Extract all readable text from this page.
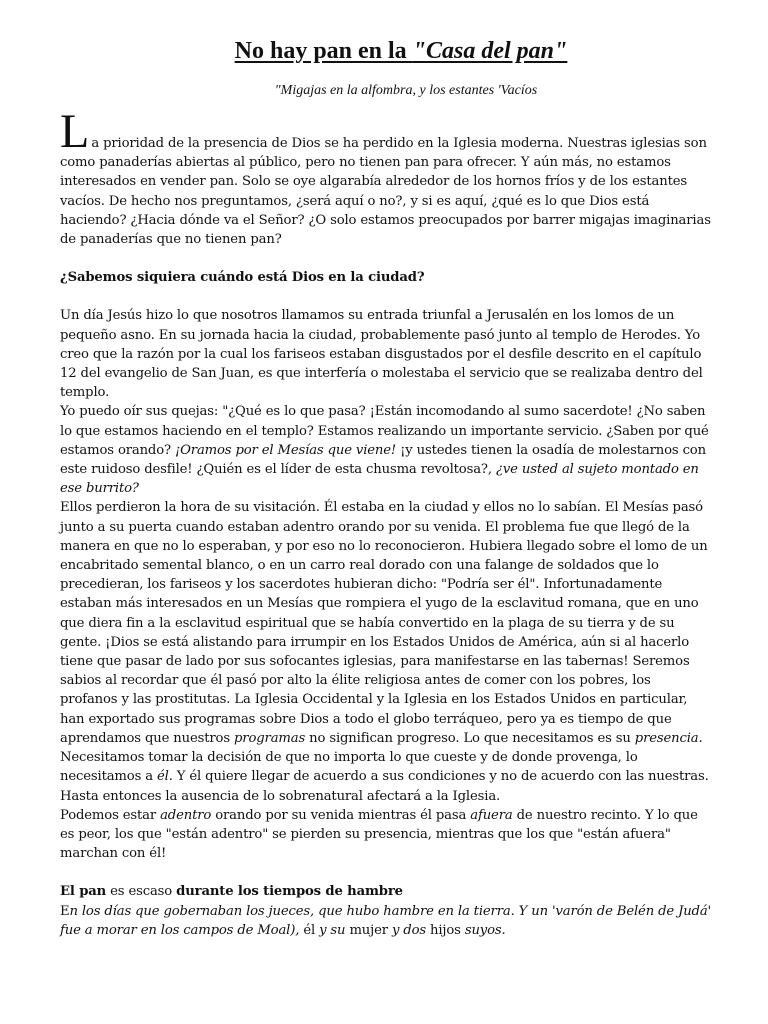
No hay pan en la "Casa del pan"

"Migajas en la alfombra, y los estantes 'Vacíos

L a prioridad de la presencia de Dios se ha perdido en la Iglesia moderna. Nuestras iglesias son como panaderías abiertas al público, pero no tienen pan para ofrecer. Y aún más, no estamos interesados en vender pan. Solo se oye algarabía alrededor de los hornos fríos y de los estantes vacíos. De hecho nos preguntamos, ¿será aquí o no?, y si es aquí, ¿qué es lo que Dios está haciendo? ¿Hacia dónde va el Señor? ¿O solo estamos preocupados por barrer migajas imaginarias de panaderías que no tienen pan?

¿Sabemos siquiera cuándo está Dios en la ciudad?

Un día Jesús hizo lo que nosotros llamamos su entrada triunfal a Jerusalén en los lomos de un pequeño asno. En su jornada hacia la ciudad, probablemente pasó junto al templo de Herodes. Yo creo que la razón por la cual los fariseos estaban disgustados por el desfile descrito en el capítulo 12 del evangelio de San Juan, es que interfería o molestaba el servicio que se realizaba dentro del templo.

Yo puedo oír sus quejas: "¿Qué es lo que pasa? ¡Están incomodando al sumo sacerdote! ¿No saben lo que estamos haciendo en el templo? Estamos realizando un importante servicio. ¿Saben por qué estamos orando? ¡Oramos por el Mesías que viene! ¡y ustedes tienen la osadía de molestarnos con este ruidoso desfile! ¿Quién es el líder de esta chusma revoltosa?, ¿ve usted al sujeto montado en ese burrito?

Ellos perdieron la hora de su visitación. Él estaba en la ciudad y ellos no lo sabían. El Mesías pasó junto a su puerta cuando estaban adentro orando por su venida. El problema fue que llegó de la manera en que no lo esperaban, y por eso no lo reconocieron. Hubiera llegado sobre el lomo de un encabritado semental blanco, o en un carro real dorado con una falange de soldados que lo precedieran, los fariseos y los sacerdotes hubieran dicho: "Podría ser él". Infortunadamente estaban más interesados en un Mesías que rompiera el yugo de la esclavitud romana, que en uno que diera fin a la esclavitud espiritual que se había convertido en la plaga de su tierra y de su gente. ¡Dios se está alistando para irrumpir en los Estados Unidos de América, aún si al hacerlo tiene que pasar de lado por sus sofocantes iglesias, para manifestarse en las tabernas! Seremos sabios al recordar que él pasó por alto la élite religiosa antes de comer con los pobres, los profanos y las prostitutas. La Iglesia Occidental y la Iglesia en los Estados Unidos en particular, han exportado sus programas sobre Dios a todo el globo terráqueo, pero ya es tiempo de que aprendamos que nuestros programas no significan progreso. Lo que necesitamos es su presencia. Necesitamos tomar la decisión de que no importa lo que cueste y de donde provenga, lo necesitamos a él. Y él quiere llegar de acuerdo a sus condiciones y no de acuerdo con las nuestras. Hasta entonces la ausencia de lo sobrenatural afectará a la Iglesia.

Podemos estar adentro orando por su venida mientras él pasa afuera de nuestro recinto. Y lo que es peor, los que "están adentro" se pierden su presencia, mientras que los que "están afuera" marchan con él!

El pan es escaso durante los tiempos de hambre

En los días que gobernaban los jueces, que hubo hambre en la tierra. Y un 'varón de Belén de Judá' fue a morar en los campos de Moal), él y su mujer y dos hijos suyos.
